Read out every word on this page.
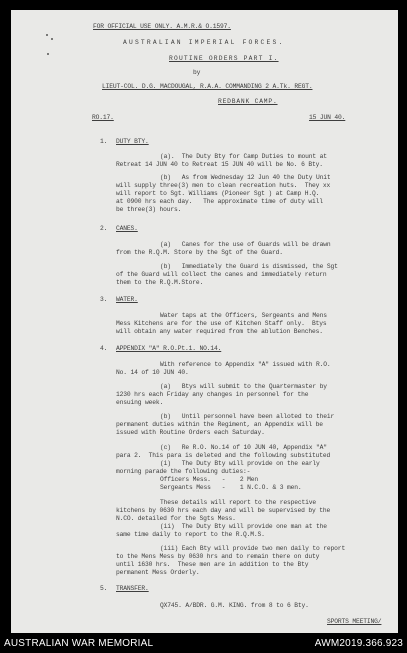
FOR OFFICIAL USE ONLY. A.M.R.& O.1597.
AUSTRALIAN IMPERIAL FORCES.
ROUTINE ORDERS PART I.
by
LIEUT-COL. D.G. MACDOUGAL, R.A.A. COMMANDING 2 A.Tk. REGT.
REDBANK CAMP.
RO.17.	15 JUN 40.
1. DUTY BTY.
(a).  The Duty Bty for Camp Duties to mount at
Retreat 14 JUN 40 to Retreat 15 JUN 40 will be No. 6 Bty.
(b)   As from Wednesday 12 Jun 40 the Duty Unit
will supply three(3) men to clean recreation huts.  They xx
will report to Sgt. Williams (Pioneer Sgt ) at Camp H.Q.
at 0900 hrs each day.   The approximate time of duty will
be three(3) hours.
2. CANES.
(a)   Canes for the use of Guards will be drawn
from the R.Q.M. Store by the Sgt of the Guard.
(b)   Immediately the Guard is dismissed, the Sgt
of the Guard will collect the canes and immediately return
them to the R.Q.M.Store.
3. WATER.
Water taps at the Officers, Sergeants and Mens
Mess Kitchens are for the use of Kitchen Staff only.  Btys
will obtain any water required from the ablution Benches.
4. APPENDIX "A" R.O.Pt.1. NO.14.
With reference to Appendix "A" issued with R.O.
No. 14 of 10 JUN 40.
(a)   Btys will submit to the Quartermaster by
1230 hrs each Friday any changes in personnel for the
ensuing week.
(b)   Until personnel have been alloted to their
permanent duties within the Regiment, an Appendix will be
issued with Routine Orders each Saturday.
(c)   Re R.O. No.14 of 10 JUN 40, Appendix "A"
para 2.  This para is deleted and the following substituted
(i)   The Duty Bty will provide on the early
morning parade the following duties:-
Officers Mess.   -    2 Men
Sergeants Mess   -    1 N.C.O. & 3 men.
These details will report to the respective
kitchens by 0630 hrs each day and will be supervised by the
N.CO. detailed for the Sgts Mess.
(ii)  The Duty Bty will provide one man at the
same time daily to report to the R.Q.M.S.
(iii) Each Bty will provide two men daily to report
to the Mens Mess by 0630 hrs and to remain there on duty
until 1630 hrs.  These men are in addition to the Bty
permanent Mess Orderly.
5. TRANSFER.
QX745. A/BDR. G.M. KING. from 8 to 6 Bty.
SPORTS MEETING/
AUSTRALIAN WAR MEMORIAL	AWM2019.366.923
